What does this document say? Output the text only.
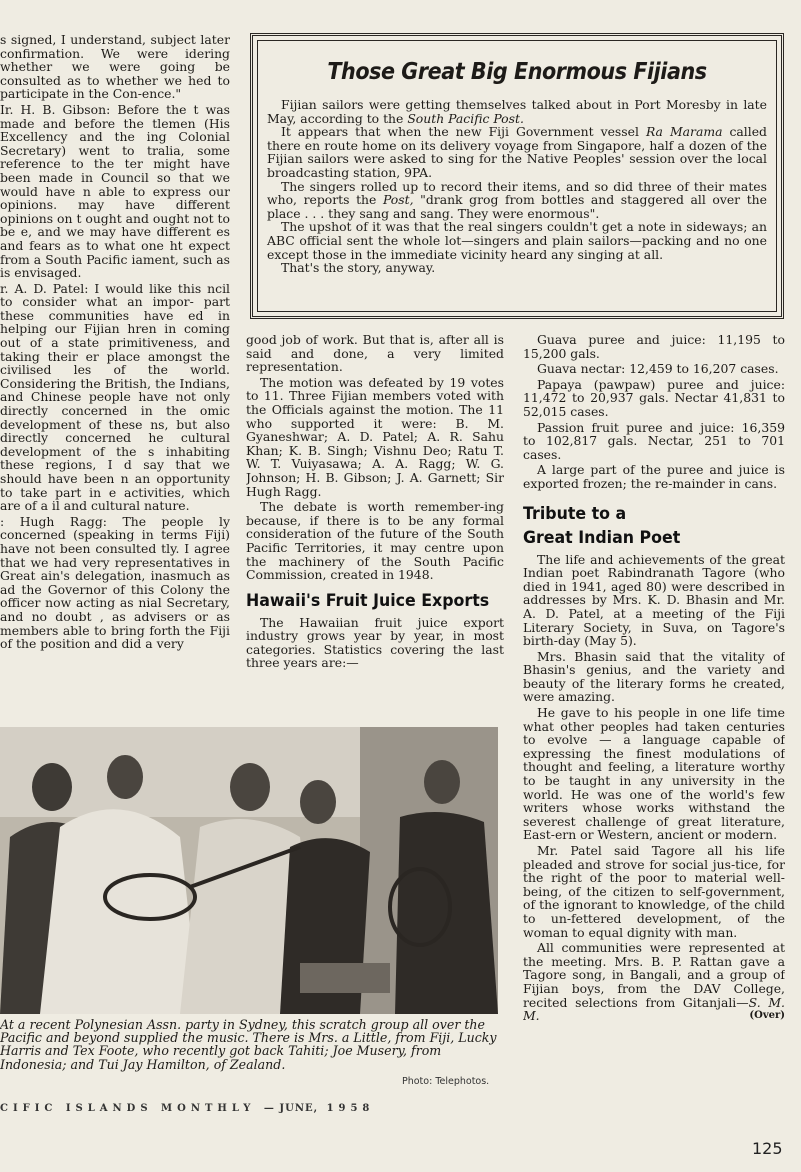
s signed, I understand, subject later confirmation. We were idering whether we were going be consulted as to whether we hed to participate in the Con-ence."

Ir. H. B. Gibson: Before the t was made and before the tlemen (His Excellency and the ing Colonial Secretary) went to tralia, some reference to the ter might have been made in Council so that we would have n able to express our opinions. may have different opinions on t ought and ought not to be e, and we may have different es and fears as to what one ht expect from a South Pacific iament, such as is envisaged.

r. A. D. Patel: I would like this ncil to consider what an impor- part these communities have ed in helping our Fijian hren in coming out of a state primitiveness, and taking their er place amongst the civilised les of the world. Considering the British, the Indians, and Chinese people have not only directly concerned in the omic development of these ns, but also directly concerned he cultural development of the s inhabiting these regions, I d say that we should have been n an opportunity to take part in e activities, which are of a il and cultural nature.

: Hugh Ragg: The people ly concerned (speaking in terms Fiji) have not been consulted tly. I agree that we had very representatives in Great ain's delegation, inasmuch as ad the Governor of this Colony the officer now acting as nial Secretary, and no doubt , as advisers or as members able to bring forth the Fiji of the position and did a very

Those Great Big Enormous Fijians

Fijian sailors were getting themselves talked about in Port Moresby in late May, according to the South Pacific Post.

It appears that when the new Fiji Government vessel Ra Marama called there en route home on its delivery voyage from Singapore, half a dozen of the Fijian sailors were asked to sing for the Native Peoples' session over the local broadcasting station, 9PA.

The singers rolled up to record their items, and so did three of their mates who, reports the Post, "drank grog from bottles and staggered all over the place . . . they sang and sang. They were enormous".

The upshot of it was that the real singers couldn't get a note in sideways; an ABC official sent the whole lot—singers and plain sailors—packing and no one except those in the immediate vicinity heard any singing at all.

That's the story, anyway.

good job of work. But that is, after all is said and done, a very limited representation.

The motion was defeated by 19 votes to 11. Three Fijian members voted with the Officials against the motion. The 11 who supported it were: B. M. Gyaneshwar; A. D. Patel; A. R. Sahu Khan; K. B. Singh; Vishnu Deo; Ratu T. W. T. Vuiyasawa; A. A. Ragg; W. G. Johnson; H. B. Gibson; J. A. Garnett; Sir Hugh Ragg.

The debate is worth remember-ing because, if there is to be any formal consideration of the future of the South Pacific Territories, it may centre upon the machinery of the South Pacific Commission, created in 1948.

Hawaii's Fruit Juice Exports

The Hawaiian fruit juice export industry grows year by year, in most categories. Statistics covering the last three years are:—

Guava puree and juice: 11,195 to 15,200 gals.

Guava nectar: 12,459 to 16,207 cases.

Papaya (pawpaw) puree and juice: 11,472 to 20,937 gals. Nectar 41,831 to 52,015 cases.

Passion fruit puree and juice: 16,359 to 102,817 gals. Nectar, 251 to 701 cases.

A large part of the puree and juice is exported frozen; the re-mainder in cans.

Tribute to a
Great Indian Poet

The life and achievements of the great Indian poet Rabindranath Tagore (who died in 1941, aged 80) were described in addresses by Mrs. K. D. Bhasin and Mr. A. D. Patel, at a meeting of the Fiji Literary Society, in Suva, on Tagore's birth-day (May 5).

Mrs. Bhasin said that the vitality of Bhasin's genius, and the variety and beauty of the literary forms he created, were amazing.

He gave to his people in one life time what other peoples had taken centuries to evolve — a language capable of expressing the finest modulations of thought and feeling, a literature worthy to be taught in any university in the world. He was one of the world's few writers whose works withstand the severest challenge of great literature, East-ern or Western, ancient or modern.

Mr. Patel said Tagore all his life pleaded and strove for social jus-tice, for the right of the poor to material well-being, of the citizen to self-government, of the ignorant to knowledge, of the child to un-fettered development, of the woman to equal dignity with man.

All communities were represented at the meeting. Mrs. B. P. Rattan gave a Tagore song, in Bangali, and a group of Fijian boys, from the DAV College, recited selections from Gitanjali—S. M. M.	(Over)

At a recent Polynesian Assn. party in Sydney, this scratch group all over the Pacific and beyond supplied the music. There is Mrs. a Little, from Fiji, Lucky Harris and Tex Foote, who recently got back Tahiti; Joe Musery, from Indonesia; and Tui Jay Hamilton, of Zealand.
Photo: Telephotos.
CIFIC ISLANDS MONTHLY — JUNE, 1958
125
